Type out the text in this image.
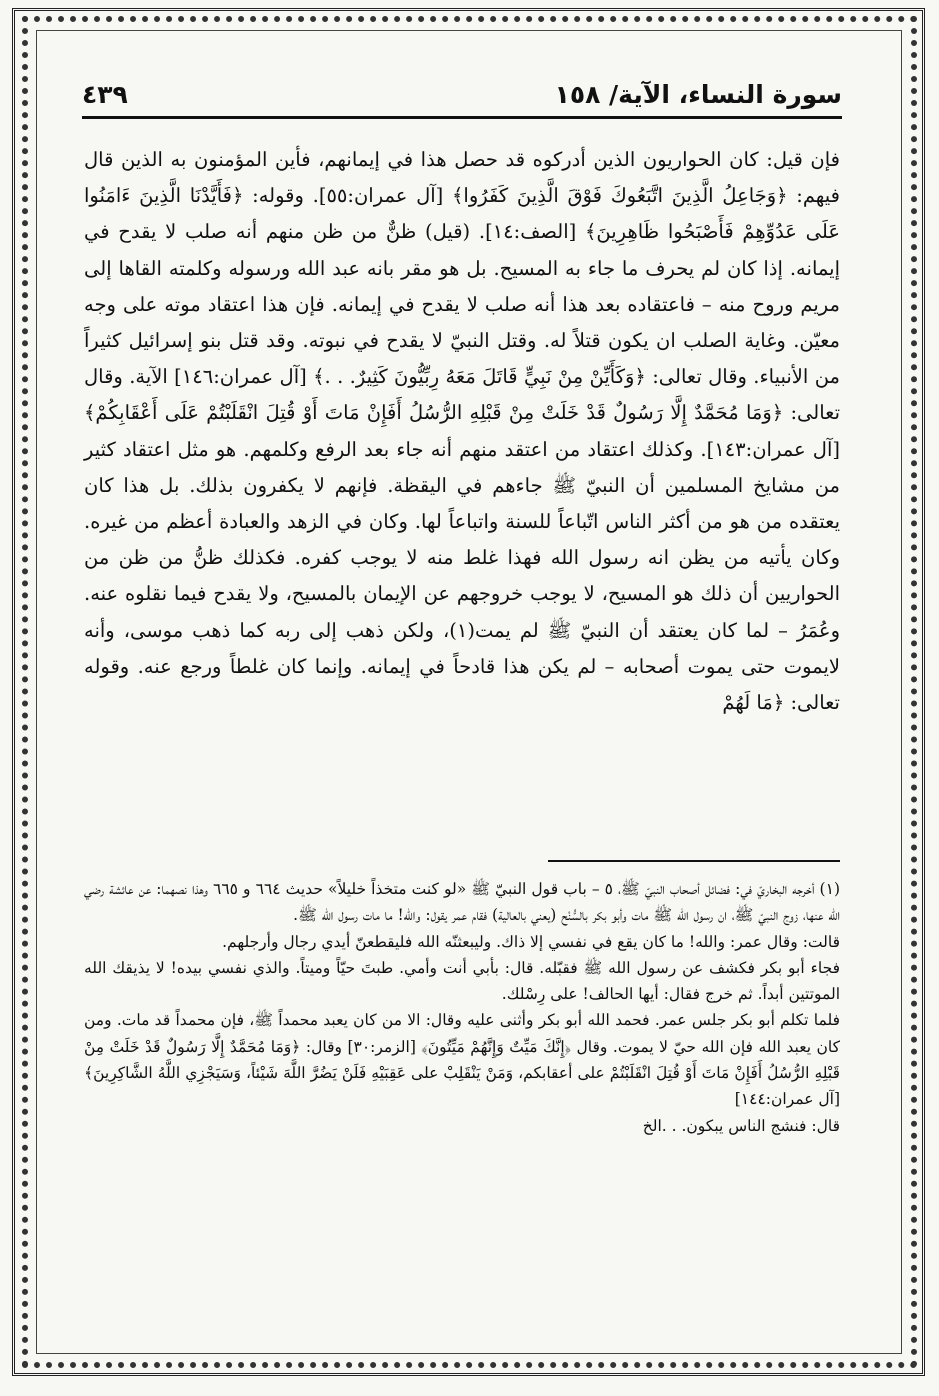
سورة النساء، الآية/ ١٥٨
٤٣٩

فإن قيل: كان الحواريون الذين أدركوه قد حصل هذا في إيمانهم، فأين المؤمنون به الذين قال فيهم: ﴿وَجَاعِلُ الَّذِينَ اتَّبَعُوكَ فَوْقَ الَّذِينَ كَفَرُوا﴾ [آل عمران:٥٥]. وقوله: ﴿فَأَيَّدْنَا الَّذِينَ ءَامَنُوا عَلَى عَدُوِّهِمْ فَأَصْبَحُوا ظَاهِرِينَ﴾ [الصف:١٤]. (قيل) ظنٌّ من ظن منهم أنه صلب لا يقدح في إيمانه. إذا كان لم يحرف ما جاء به المسيح. بل هو مقر بانه عبد الله ورسوله وكلمته القاها إلى مريم وروح منه – فاعتقاده بعد هذا أنه صلب لا يقدح في إيمانه. فإن هذا اعتقاد موته على وجه معيّن. وغاية الصلب ان يكون قتلاً له. وقتل النبيّ لا يقدح في نبوته. وقد قتل بنو إسرائيل كثيراً من الأنبياء. وقال تعالى: ﴿وَكَأَيِّنْ مِنْ نَبِيٍّ قَاتَلَ مَعَهُ رِبِّيُّونَ كَثِيرٌ. . .﴾ [آل عمران:١٤٦] الآية. وقال تعالى: ﴿وَمَا مُحَمَّدٌ إِلَّا رَسُولٌ قَدْ خَلَتْ مِنْ قَبْلِهِ الرُّسُلُ أَفَإِنْ مَاتَ أَوْ قُتِلَ انْقَلَبْتُمْ عَلَى أَعْقَابِكُمْ﴾ [آل عمران:١٤٣]. وكذلك اعتقاد من اعتقد منهم أنه جاء بعد الرفع وكلمهم. هو مثل اعتقاد كثير من مشايخ المسلمين أن النبيّ ﷺ جاءهم في اليقظة. فإنهم لا يكفرون بذلك. بل هذا كان يعتقده من هو من أكثر الناس اتّباعاً للسنة واتباعاً لها. وكان في الزهد والعبادة أعظم من غيره. وكان يأتيه من يظن انه رسول الله فهذا غلط منه لا يوجب كفره. فكذلك ظنُّ من ظن من الحواريين أن ذلك هو المسيح، لا يوجب خروجهم عن الإيمان بالمسيح، ولا يقدح فيما نقلوه عنه. وعُمَرُ – لما كان يعتقد أن النبيّ ﷺ لم يمت(١)، ولكن ذهب إلى ربه كما ذهب موسى، وأنه لايموت حتى يموت أصحابه – لم يكن هذا قادحاً في إيمانه. وإنما كان غلطاً ورجع عنه. وقوله تعالى: ﴿مَا لَهُمْ

(١) أخرجه البخاريّ في: فضائل أصحاب النبيّ ﷺ، ٥ – باب قول النبيّ ﷺ «لو كنت متخذاً خليلاً» حديث ٦٦٤ و ٦٦٥ وهذا نصهما: عن عائشة رضي الله عنها، زوج النبيّ ﷺ، ان رسول الله ﷺ مات وأبو بكر بالسُّنْح (يعني بالعالية) فقام عمر يقول: والله! ما مات رسول الله ﷺ.

قالت: وقال عمر: والله! ما كان يقع في نفسي إلا ذاك. وليبعثنّه الله فليقطعنّ أيدي رجال وأرجلهم.

فجاء أبو بكر فكشف عن رسول الله ﷺ فقبّله. قال: بأبي أنت وأمي. طبتَ حيّاً وميتاً. والذي نفسي بيده! لا يذيقك الله الموتتين أبداً. ثم خرج فقال: أيها الحالف! على رِسْلك.

فلما تكلم أبو بكر جلس عمر. فحمد الله أبو بكر وأثنى عليه وقال: الا من كان يعبد محمداً ﷺ، فإن محمداً قد مات. ومن كان يعبد الله فإن الله حيّ لا يموت. وقال ﴿إِنَّكَ مَيِّتٌ وَإِنَّهُمْ مَيِّتُونَ﴾ [الزمر:٣٠] وقال: ﴿وَمَا مُحَمَّدٌ إِلَّا رَسُولٌ قَدْ خَلَتْ مِنْ قَبْلِهِ الرُّسُلُ أَفَإِنْ مَاتَ أَوْ قُتِلَ انْقَلَبْتُمْ على أعقابكم، وَمَنْ يَنْقَلِبْ على عَقِبَيْهِ فَلَنْ يَضُرَّ اللَّهَ شَيْئاً، وَسَيَجْزِي اللَّهُ الشَّاكِرِينَ﴾ [آل عمران:١٤٤]

قال: فنشج الناس يبكون. . .الخ
